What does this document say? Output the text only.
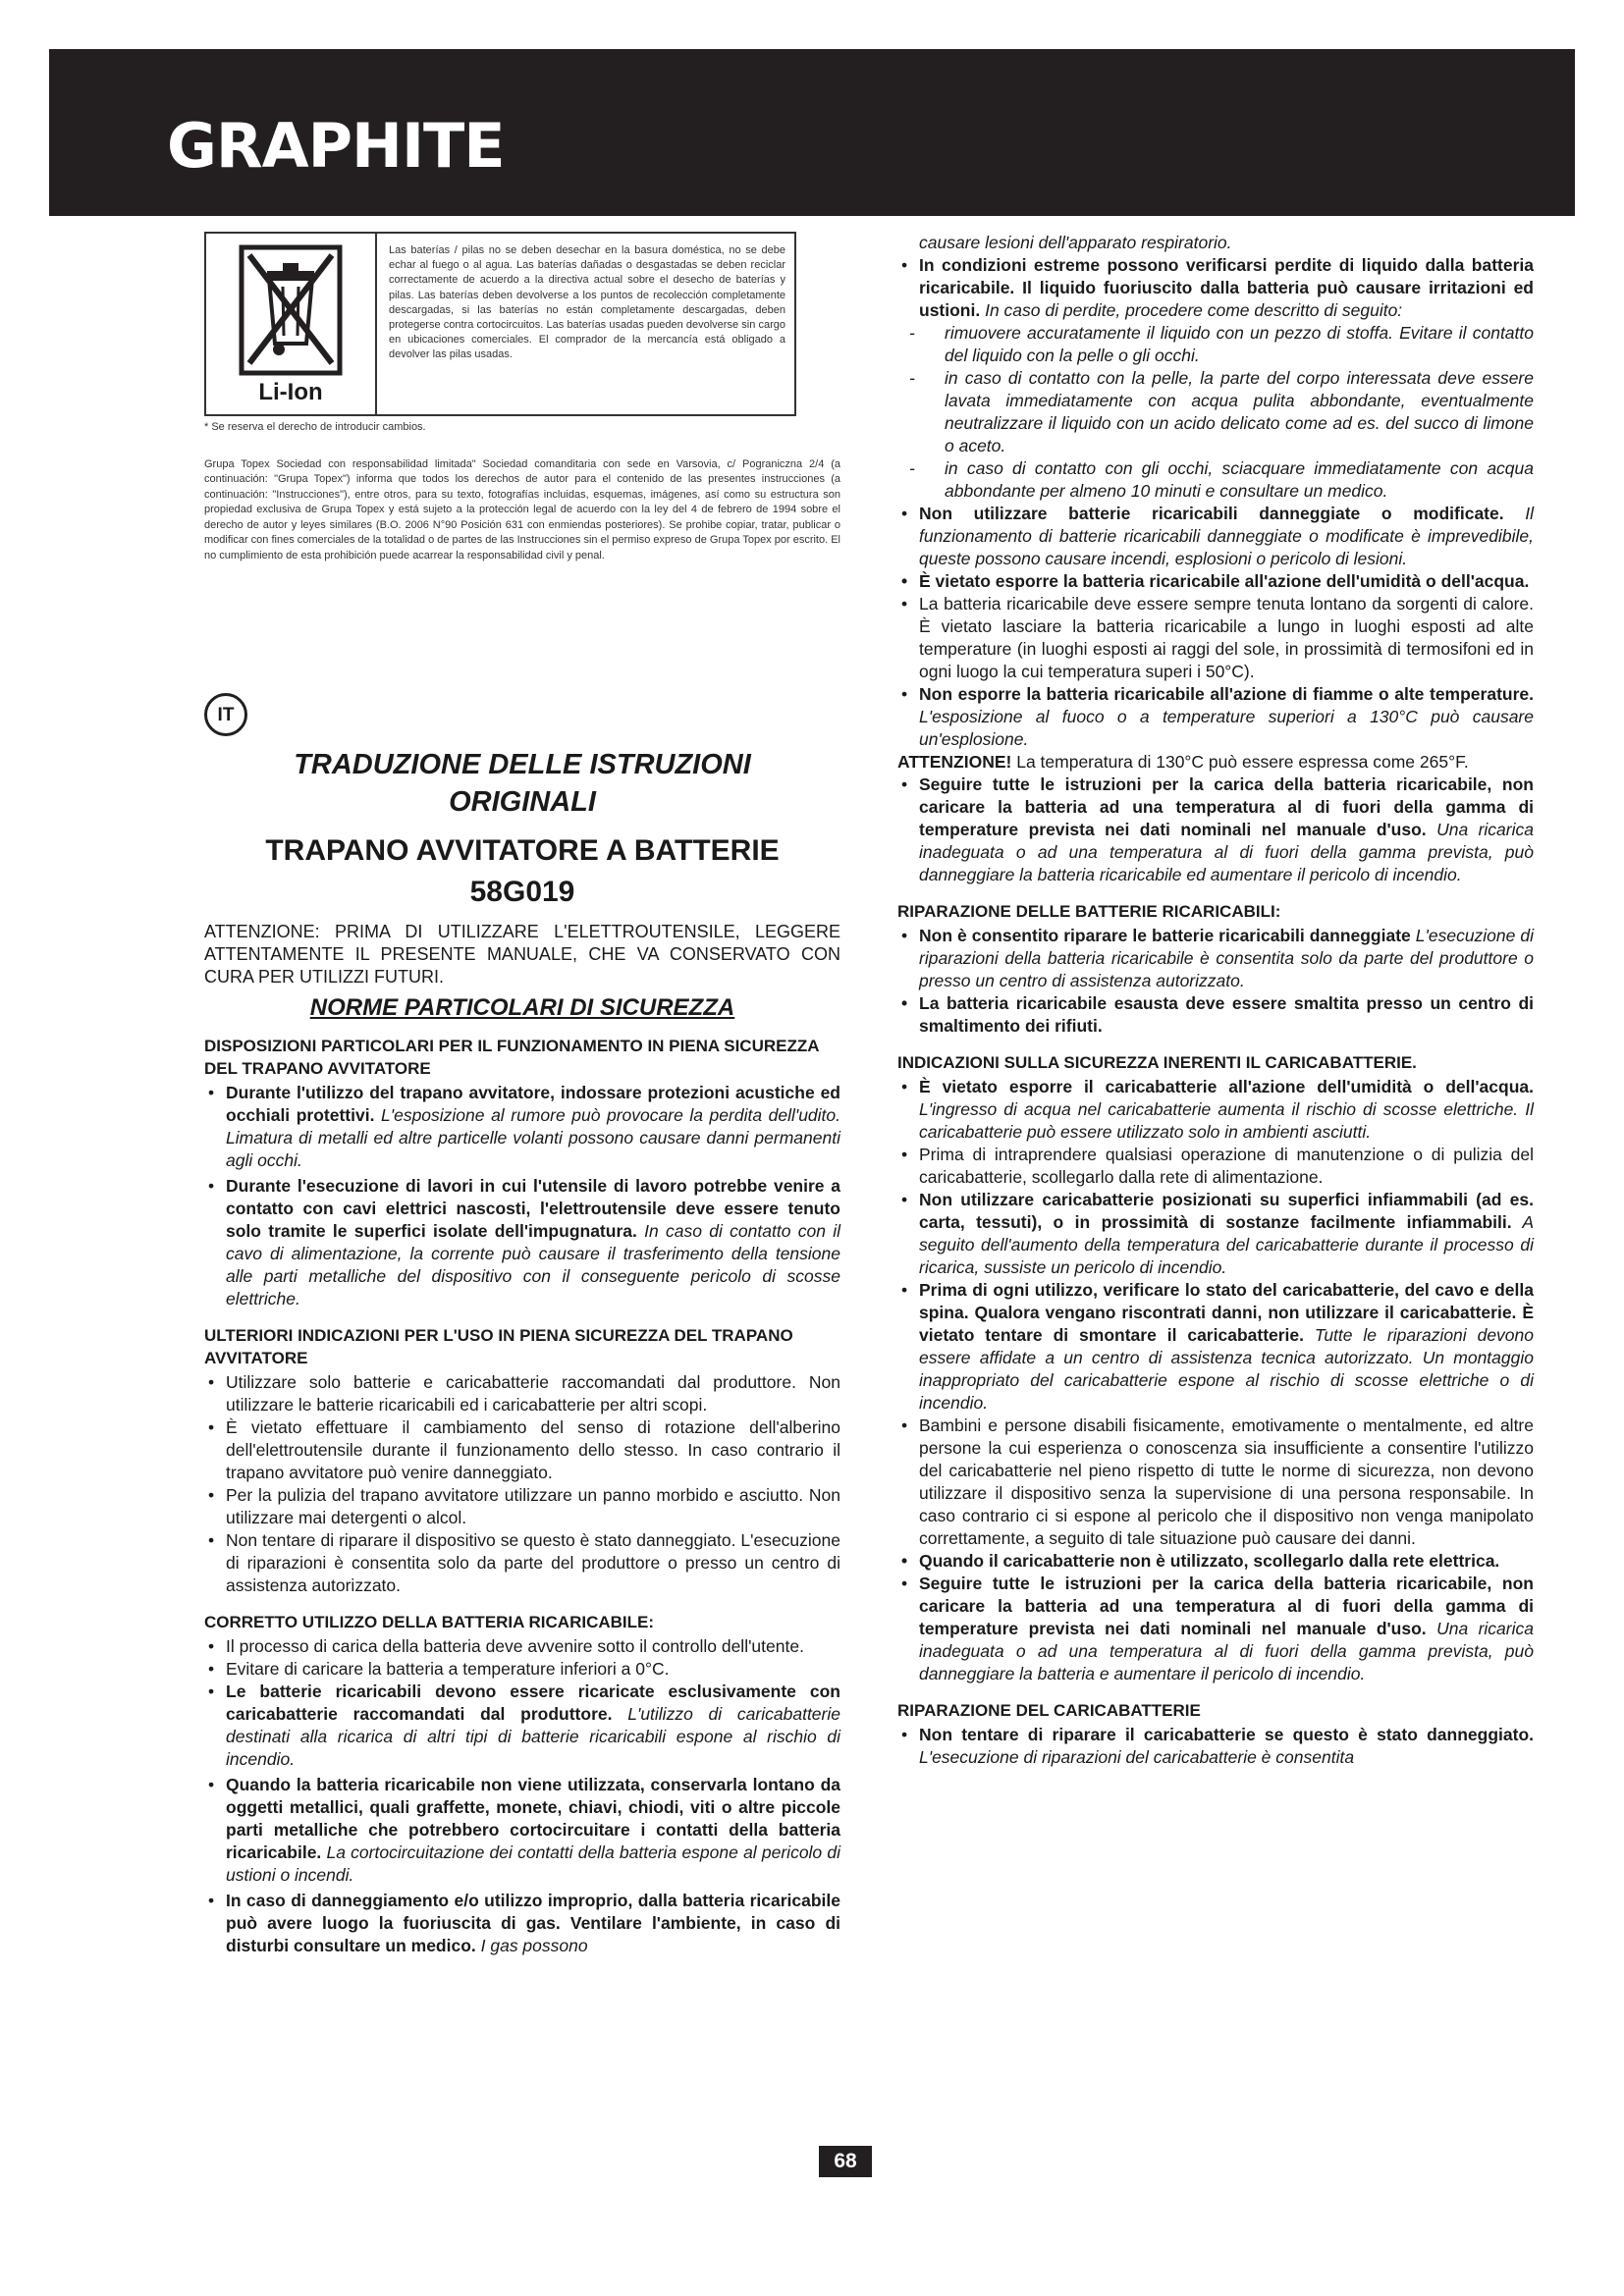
GRAPHITE
Li-Ion
Las baterías / pilas no se deben desechar en la basura doméstica, no se debe echar al fuego o al agua. Las baterías dañadas o desgastadas se deben reciclar correctamente de acuerdo a la directiva actual sobre el desecho de baterías y pilas. Las baterías deben devolverse a los puntos de recolección completamente descargadas, si las baterías no están completamente descargadas, deben protegerse contra cortocircuitos. Las baterías usadas pueden devolverse sin cargo en ubicaciones comerciales. El comprador de la mercancía está obligado a devolver las pilas usadas.

* Se reserva el derecho de introducir cambios.

Grupa Topex Sociedad con responsabilidad limitada" Sociedad comanditaria con sede en Varsovia, c/ Pograniczna 2/4 (a continuación: "Grupa Topex") informa que todos los derechos de autor para el contenido de las presentes instrucciones (a continuación: "Instrucciones"), entre otros, para su texto, fotografías incluidas, esquemas, imágenes, así como su estructura son propiedad exclusiva de Grupa Topex y está sujeto a la protección legal de acuerdo con la ley del 4 de febrero de 1994 sobre el derecho de autor y leyes similares (B.O. 2006 N°90 Posición 631 con enmiendas posteriores). Se prohibe copiar, tratar, publicar o modificar con fines comerciales de la totalidad o de partes de las Instrucciones sin el permiso expreso de Grupa Topex por escrito. El no cumplimiento de esta prohibición puede acarrear la responsabilidad civil y penal.

IT
TRADUZIONE DELLE ISTRUZIONI
ORIGINALI
TRAPANO AVVITATORE A BATTERIE
58G019

ATTENZIONE: PRIMA DI UTILIZZARE L'ELETTROUTENSILE, LEGGERE ATTENTAMENTE IL PRESENTE MANUALE, CHE VA CONSERVATO CON CURA PER UTILIZZI FUTURI.

NORME PARTICOLARI DI SICUREZZA

DISPOSIZIONI PARTICOLARI PER IL FUNZIONAMENTO IN PIENA SICUREZZA DEL TRAPANO AVVITATORE

• Durante l'utilizzo del trapano avvitatore, indossare protezioni acustiche ed occhiali protettivi. L'esposizione al rumore può provocare la perdita dell'udito. Limatura di metalli ed altre particelle volanti possono causare danni permanenti agli occhi.

• Durante l'esecuzione di lavori in cui l'utensile di lavoro potrebbe venire a contatto con cavi elettrici nascosti, l'elettroutensile deve essere tenuto solo tramite le superfici isolate dell'impugnatura. In caso di contatto con il cavo di alimentazione, la corrente può causare il trasferimento della tensione alle parti metalliche del dispositivo con il conseguente pericolo di scosse elettriche.

ULTERIORI INDICAZIONI PER L'USO IN PIENA SICUREZZA DEL TRAPANO AVVITATORE

• Utilizzare solo batterie e caricabatterie raccomandati dal produttore. Non utilizzare le batterie ricaricabili ed i caricabatterie per altri scopi.

• È vietato effettuare il cambiamento del senso di rotazione dell'alberino dell'elettroutensile durante il funzionamento dello stesso. In caso contrario il trapano avvitatore può venire danneggiato.

• Per la pulizia del trapano avvitatore utilizzare un panno morbido e asciutto. Non utilizzare mai detergenti o alcol.

• Non tentare di riparare il dispositivo se questo è stato danneggiato. L'esecuzione di riparazioni è consentita solo da parte del produttore o presso un centro di assistenza autorizzato.

CORRETTO UTILIZZO DELLA BATTERIA RICARICABILE:

• Il processo di carica della batteria deve avvenire sotto il controllo dell'utente.

• Evitare di caricare la batteria a temperature inferiori a 0°C.

• Le batterie ricaricabili devono essere ricaricate esclusivamente con caricabatterie raccomandati dal produttore. L'utilizzo di caricabatterie destinati alla ricarica di altri tipi di batterie ricaricabili espone al rischio di incendio.

• Quando la batteria ricaricabile non viene utilizzata, conservarla lontano da oggetti metallici, quali graffette, monete, chiavi, chiodi, viti o altre piccole parti metalliche che potrebbero cortocircuitare i contatti della batteria ricaricabile. La cortocircuitazione dei contatti della batteria espone al pericolo di ustioni o incendi.

• In caso di danneggiamento e/o utilizzo improprio, dalla batteria ricaricabile può avere luogo la fuoriuscita di gas. Ventilare l'ambiente, in caso di disturbi consultare un medico. I gas possono

causare lesioni dell'apparato respiratorio.

• In condizioni estreme possono verificarsi perdite di liquido dalla batteria ricaricabile. Il liquido fuoriuscito dalla batteria può causare irritazioni ed ustioni. In caso di perdite, procedere come descritto di seguito:

- rimuovere accuratamente il liquido con un pezzo di stoffa. Evitare il contatto del liquido con la pelle o gli occhi.

- in caso di contatto con la pelle, la parte del corpo interessata deve essere lavata immediatamente con acqua pulita abbondante, eventualmente neutralizzare il liquido con un acido delicato come ad es. del succo di limone o aceto.

- in caso di contatto con gli occhi, sciacquare immediatamente con acqua abbondante per almeno 10 minuti e consultare un medico.

• Non utilizzare batterie ricaricabili danneggiate o modificate. Il funzionamento di batterie ricaricabili danneggiate o modificate è imprevedibile, queste possono causare incendi, esplosioni o pericolo di lesioni.

• È vietato esporre la batteria ricaricabile all'azione dell'umidità o dell'acqua.

• La batteria ricaricabile deve essere sempre tenuta lontano da sorgenti di calore. È vietato lasciare la batteria ricaricabile a lungo in luoghi esposti ad alte temperature (in luoghi esposti ai raggi del sole, in prossimità di termosifoni ed in ogni luogo la cui temperatura superi i 50°C).

• Non esporre la batteria ricaricabile all'azione di fiamme o alte temperature. L'esposizione al fuoco o a temperature superiori a 130°C può causare un'esplosione.

ATTENZIONE! La temperatura di 130°C può essere espressa come 265°F.

• Seguire tutte le istruzioni per la carica della batteria ricaricabile, non caricare la batteria ad una temperatura al di fuori della gamma di temperature prevista nei dati nominali nel manuale d'uso. Una ricarica inadeguata o ad una temperatura al di fuori della gamma prevista, può danneggiare la batteria ricaricabile ed aumentare il pericolo di incendio.

RIPARAZIONE DELLE BATTERIE RICARICABILI:

• Non è consentito riparare le batterie ricaricabili danneggiate L'esecuzione di riparazioni della batteria ricaricabile è consentita solo da parte del produttore o presso un centro di assistenza autorizzato.

• La batteria ricaricabile esausta deve essere smaltita presso un centro di smaltimento dei rifiuti.

INDICAZIONI SULLA SICUREZZA INERENTI IL CARICABATTERIE.

• È vietato esporre il caricabatterie all'azione dell'umidità o dell'acqua. L'ingresso di acqua nel caricabatterie aumenta il rischio di scosse elettriche. Il caricabatterie può essere utilizzato solo in ambienti asciutti.

• Prima di intraprendere qualsiasi operazione di manutenzione o di pulizia del caricabatterie, scollegarlo dalla rete di alimentazione.

• Non utilizzare caricabatterie posizionati su superfici infiammabili (ad es. carta, tessuti), o in prossimità di sostanze facilmente infiammabili. A seguito dell'aumento della temperatura del caricabatterie durante il processo di ricarica, sussiste un pericolo di incendio.

• Prima di ogni utilizzo, verificare lo stato del caricabatterie, del cavo e della spina. Qualora vengano riscontrati danni, non utilizzare il caricabatterie. È vietato tentare di smontare il caricabatterie. Tutte le riparazioni devono essere affidate a un centro di assistenza tecnica autorizzato. Un montaggio inappropriato del caricabatterie espone al rischio di scosse elettriche o di incendio.

• Bambini e persone disabili fisicamente, emotivamente o mentalmente, ed altre persone la cui esperienza o conoscenza sia insufficiente a consentire l'utilizzo del caricabatterie nel pieno rispetto di tutte le norme di sicurezza, non devono utilizzare il dispositivo senza la supervisione di una persona responsabile. In caso contrario ci si espone al pericolo che il dispositivo non venga manipolato correttamente, a seguito di tale situazione può causare dei danni.

• Quando il caricabatterie non è utilizzato, scollegarlo dalla rete elettrica.

• Seguire tutte le istruzioni per la carica della batteria ricaricabile, non caricare la batteria ad una temperatura al di fuori della gamma di temperature prevista nei dati nominali nel manuale d'uso. Una ricarica inadeguata o ad una temperatura al di fuori della gamma prevista, può danneggiare la batteria e aumentare il pericolo di incendio.

RIPARAZIONE DEL CARICABATTERIE

• Non tentare di riparare il caricabatterie se questo è stato danneggiato. L'esecuzione di riparazioni del caricabatterie è consentita

68
